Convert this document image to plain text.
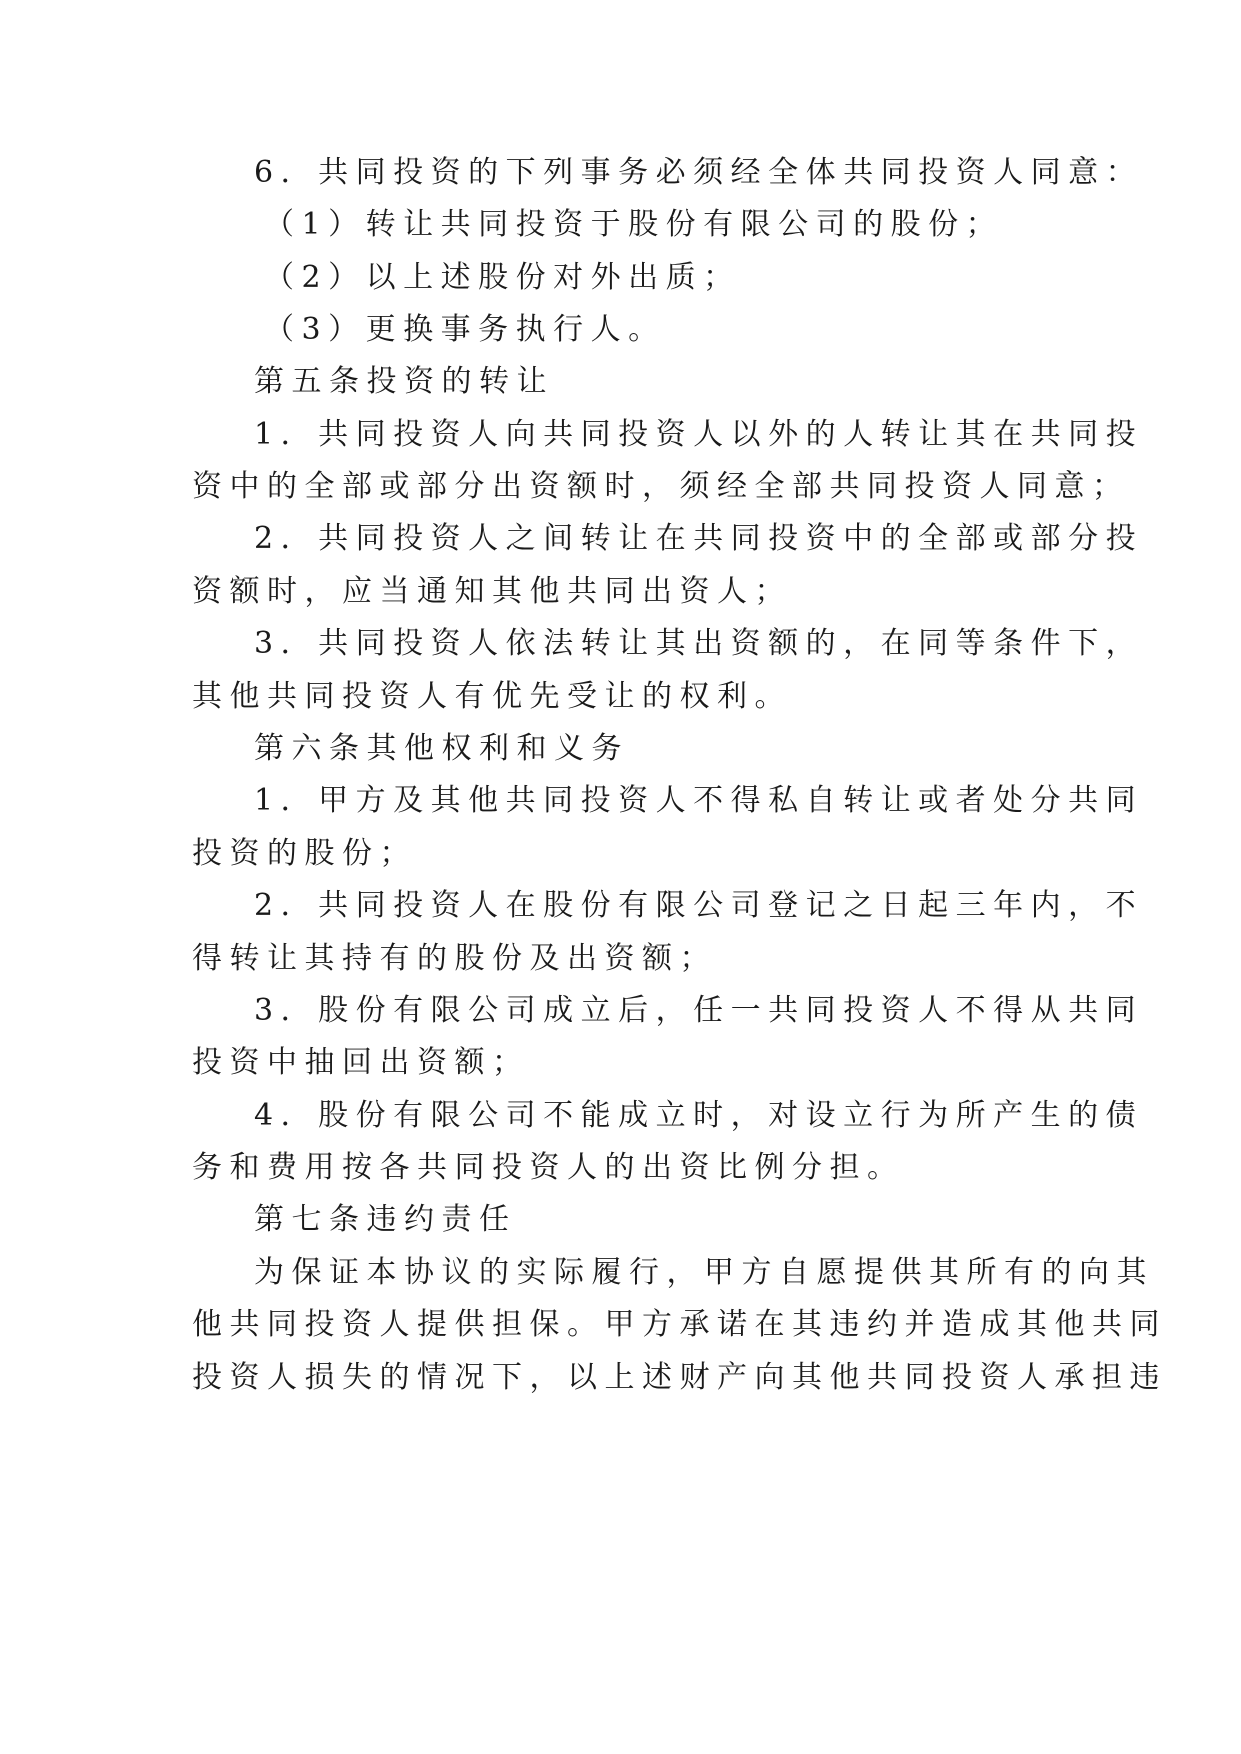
6．共同投资的下列事务必须经全体共同投资人同意：
（1）转让共同投资于股份有限公司的股份；
（2）以上述股份对外出质；
（3）更换事务执行人。
第五条投资的转让
1．共同投资人向共同投资人以外的人转让其在共同投
资中的全部或部分出资额时，须经全部共同投资人同意；
2．共同投资人之间转让在共同投资中的全部或部分投
资额时，应当通知其他共同出资人；
3．共同投资人依法转让其出资额的，在同等条件下，
其他共同投资人有优先受让的权利。
第六条其他权利和义务
1．甲方及其他共同投资人不得私自转让或者处分共同
投资的股份；
2．共同投资人在股份有限公司登记之日起三年内，不
得转让其持有的股份及出资额；
3．股份有限公司成立后，任一共同投资人不得从共同
投资中抽回出资额；
4．股份有限公司不能成立时，对设立行为所产生的债
务和费用按各共同投资人的出资比例分担。
第七条违约责任
为保证本协议的实际履行，甲方自愿提供其所有的向其
他共同投资人提供担保。甲方承诺在其违约并造成其他共同
投资人损失的情况下，以上述财产向其他共同投资人承担违
